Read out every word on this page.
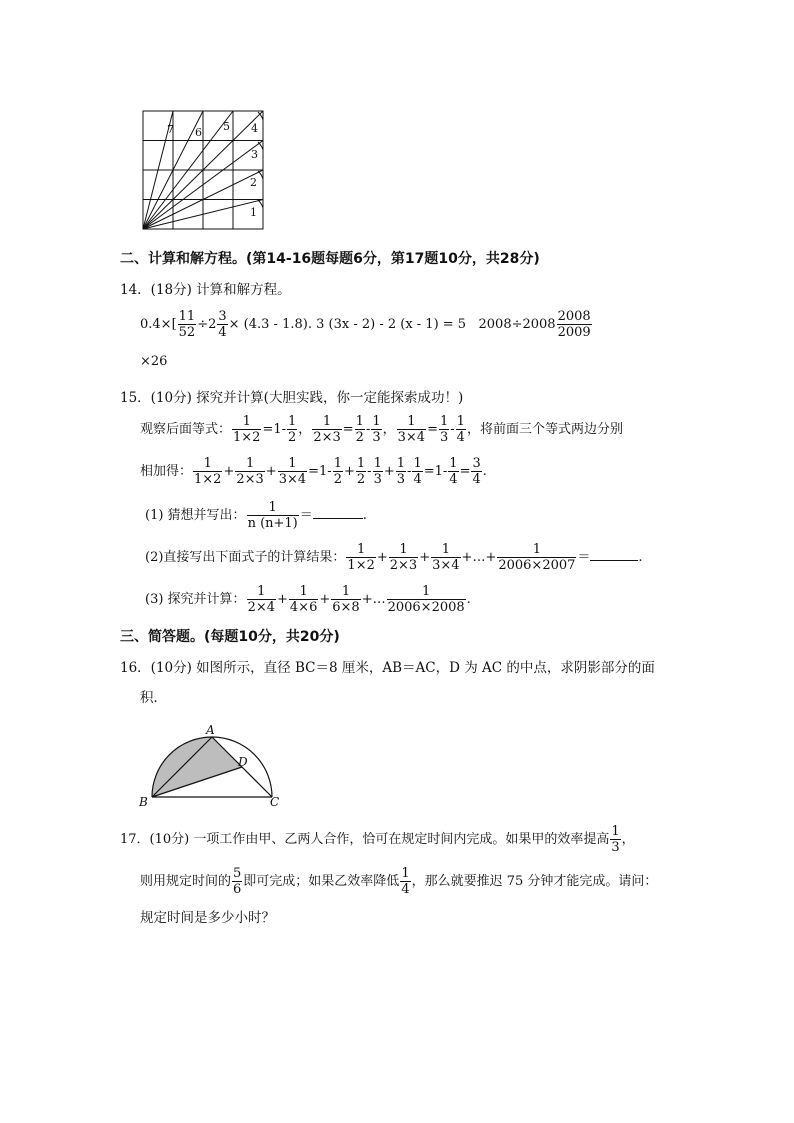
1
2
3
4
5
6
7
二、计算和解方程。(第14-16题每题6分，第17题10分，共28分)
14．(18分) 计算和解方程。
$0.4\times[ \frac{11}{52} \div 2 \frac{3}{4} \times (4.3 - 1.8)$. 3 (3x - 2) - 2 (x - 1) = 5 $2008\div 2008 \frac{2008}{2009}$
×26
15．(10分) 探究并计算(大胆实践，你一定能探索成功！)
观察后面等式： $\frac{1}{1\times 2} =1- \frac{1}{2}$ ， $\frac{1}{2\times 3} = \frac{1}{2} - \frac{1}{3}$ ， $\frac{1}{3\times 4} = \frac{1}{3} - \frac{1}{4}$ ，将前面三个等式两边分别
相加得： $\frac{1}{1\times 2} + \frac{1}{2\times 3} + \frac{1}{3\times 4} =1- \frac{1}{2} + \frac{1}{2} - \frac{1}{3} + \frac{1}{3} - \frac{1}{4} =1- \frac{1}{4} = \frac{3}{4}$ .
(1) 猜想并写出： $\frac{1}{n (n+1)}$ ＝	.
(2)直接写出下面式子的计算结果： $\frac{1}{1\times 2} + \frac{1}{2\times 3} + \frac{1}{3\times 4}$ +…+ $\frac{1}{2006\times 2007}$ ＝	.
(3) 探究并计算： $\frac{1}{2\times 4} + \frac{1}{4\times 6} + \frac{1}{6\times 8}$ +… $\frac{1}{2006\times 2008}$ .
三、简答题。(每题10分，共20分)
16．(10分) 如图所示，直径 BC＝8 厘米，AB＝AC，D 为 AC 的中点，求阴影部分的面
积．
A
B	C
D
17．(10分) 一项工作由甲、乙两人合作，恰可在规定时间内完成。如果甲的效率提高 $\frac{1}{3}$ ，
则用规定时间的 $\frac{5}{6}$ 即可完成；如果乙效率降低 $\frac{1}{4}$ ，那么就要推迟 75 分钟才能完成。请问：
规定时间是多少小时？
